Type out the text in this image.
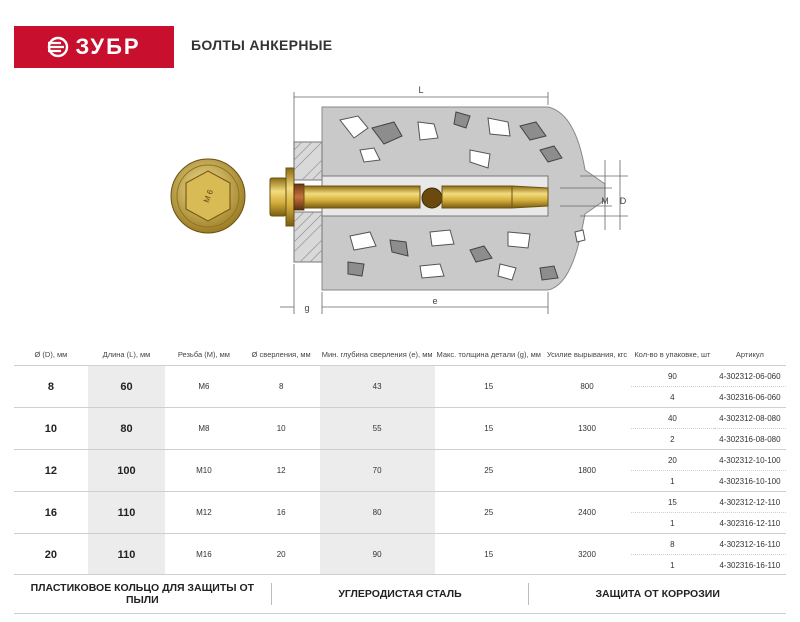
ЗУБР	БОЛТЫ АНКЕРНЫЕ
M 6
L
e
g
M D
Ø (D), мм	Длина (L), мм	Резьба (М), мм	Ø сверления, мм	Мин. глубина сверления (е), мм	Макс. толщина детали (g), мм	Усилие вырывания, кгс	Кол-во в упаковке, шт	Артикул
8	60	M6	8	43	15	800	90	4-302312-06-060
							4	4-302316-06-060
10	80	M8	10	55	15	1300	40	4-302312-08-080
							2	4-302316-08-080
12	100	M10	12	70	25	1800	20	4-302312-10-100
							1	4-302316-10-100
16	110	M12	16	80	25	2400	15	4-302312-12-110
							1	4-302316-12-110
20	110	M16	20	90	15	3200	8	4-302312-16-110
							1	4-302316-16-110
ПЛАСТИКОВОЕ КОЛЬЦО ДЛЯ ЗАЩИТЫ ОТ ПЫЛИ	УГЛЕРОДИСТАЯ СТАЛЬ	ЗАЩИТА ОТ КОРРОЗИИ
